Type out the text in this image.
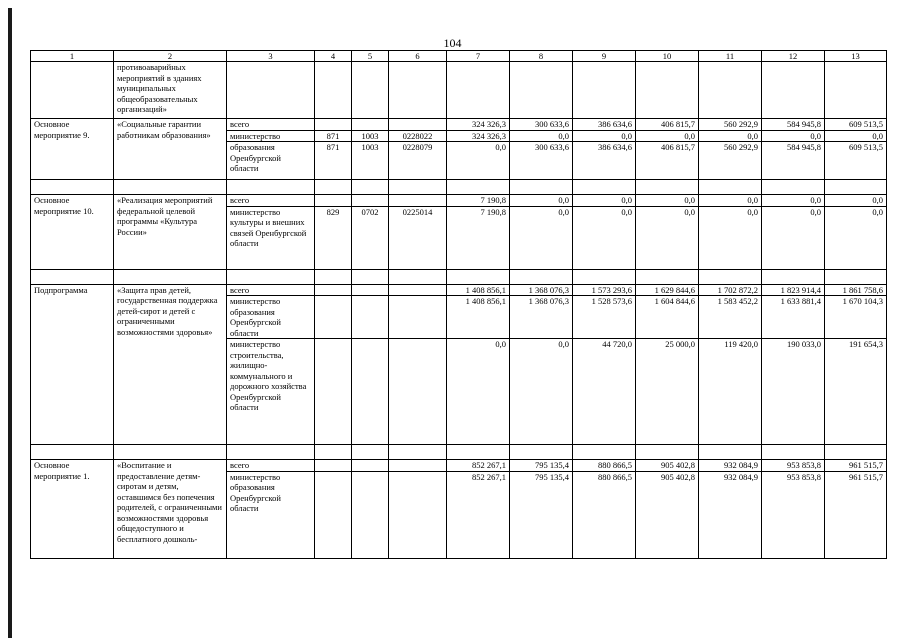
104
1	2	3	4	5	6	7	8	9	10	11	12	13
	противоаварийных мероприятий в зданиях муниципальных общеобразовательных организаций»											
Основное мероприятие 9.	«Социальные гарантии работникам образования»	всего				324 326,3	300 633,6	386 634,6	406 815,7	560 292,9	584 945,8	609 513,5
		министерство	871	1003	0228022	324 326,3	0,0	0,0	0,0	0,0	0,0	0,0
		образования Оренбургской области	871	1003	0228079	0,0	300 633,6	386 634,6	406 815,7	560 292,9	584 945,8	609 513,5

Основное мероприятие 10.	«Реализация мероприятий федеральной целевой программы «Культура России»	всего				7 190,8	0,0	0,0	0,0	0,0	0,0	0,0
		министерство культуры и внешних связей Оренбургской области	829	0702	0225014	7 190,8	0,0	0,0	0,0	0,0	0,0	0,0

Подпрограмма	«Защита прав детей, государственная поддержка детей-сирот и детей с ограниченными возможностями здоровья»	всего				1 408 856,1	1 368 076,3	1 573 293,6	1 629 844,6	1 702 872,2	1 823 914,4	1 861 758,6
		министерство образования Оренбургской области				1 408 856,1	1 368 076,3	1 528 573,6	1 604 844,6	1 583 452,2	1 633 881,4	1 670 104,3
		министерство строительства, жилищно-коммунального и дорожного хозяйства Оренбургской области				0,0	0,0	44 720,0	25 000,0	119 420,0	190 033,0	191 654,3

Основное мероприятие 1.	«Воспитание и предоставление детям-сиротам и детям, оставшимся без попечения родителей, с ограниченными возможностями здоровья общедоступного и бесплатного дошколь-	всего				852 267,1	795 135,4	880 866,5	905 402,8	932 084,9	953 853,8	961 515,7
		министерство образования Оренбургской области				852 267,1	795 135,4	880 866,5	905 402,8	932 084,9	953 853,8	961 515,7
